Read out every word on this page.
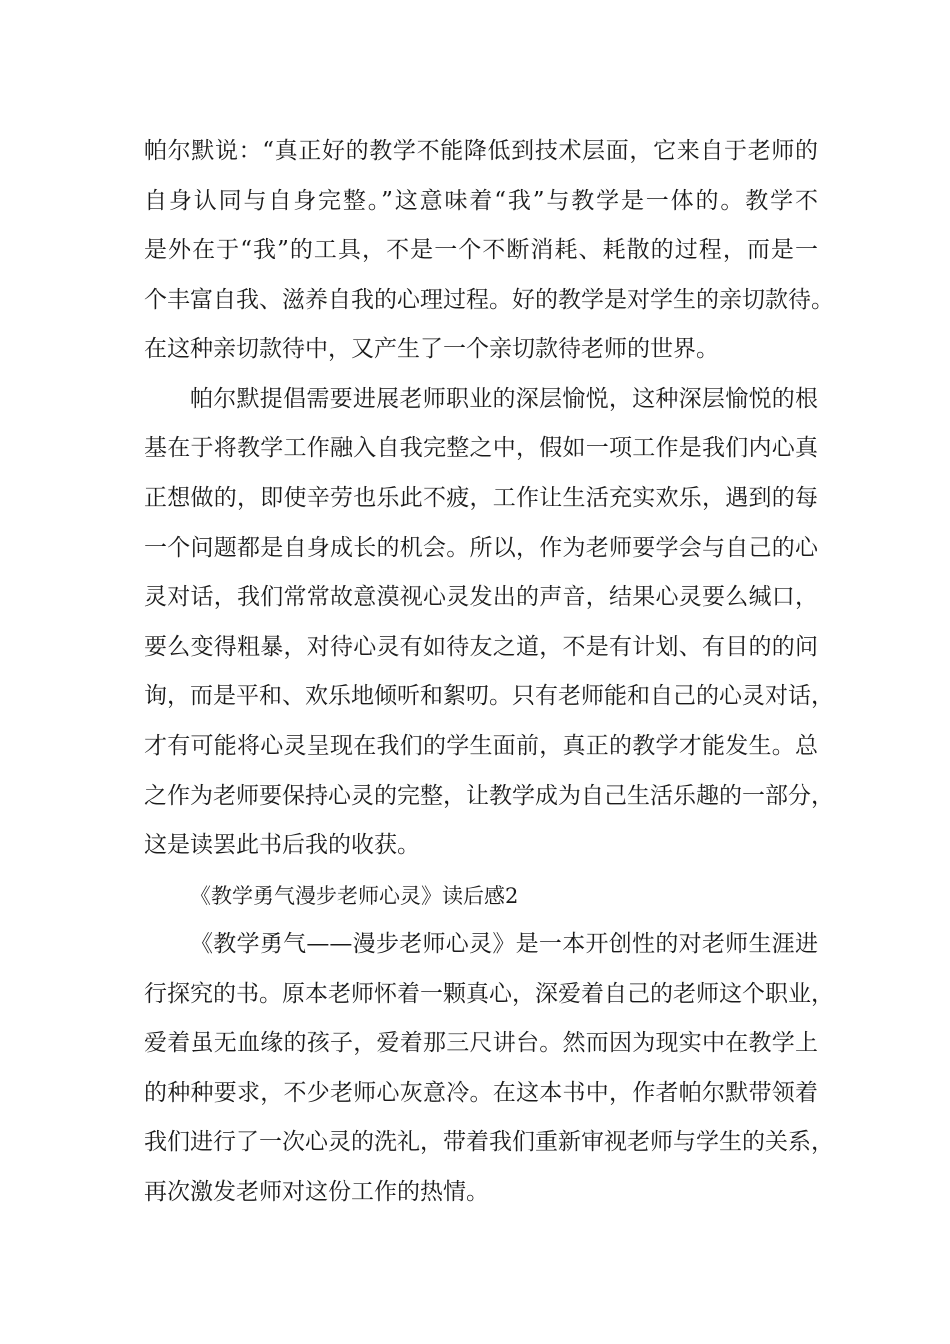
帕尔默说：“真正好的教学不能降低到技术层面，它来自于老师的

自身认同与自身完整。”这意味着“我”与教学是一体的。教学不

是外在于“我”的工具，不是一个不断消耗、耗散的过程，而是一

个丰富自我、滋养自我的心理过程。好的教学是对学生的亲切款待。

在这种亲切款待中，又产生了一个亲切款待老师的世界。

帕尔默提倡需要进展老师职业的深层愉悦，这种深层愉悦的根

基在于将教学工作融入自我完整之中，假如一项工作是我们内心真

正想做的，即使辛劳也乐此不疲，工作让生活充实欢乐，遇到的每

一个问题都是自身成长的机会。所以，作为老师要学会与自己的心

灵对话，我们常常故意漠视心灵发出的声音，结果心灵要么缄口，

要么变得粗暴，对待心灵有如待友之道，不是有计划、有目的的问

询，而是平和、欢乐地倾听和絮叨。只有老师能和自己的心灵对话，

才有可能将心灵呈现在我们的学生面前，真正的教学才能发生。总

之作为老师要保持心灵的完整，让教学成为自己生活乐趣的一部分，

这是读罢此书后我的收获。

《教学勇气漫步老师心灵》读后感2

《教学勇气——漫步老师心灵》是一本开创性的对老师生涯进

行探究的书。原本老师怀着一颗真心，深爱着自己的老师这个职业，

爱着虽无血缘的孩子，爱着那三尺讲台。然而因为现实中在教学上

的种种要求，不少老师心灰意冷。在这本书中，作者帕尔默带领着

我们进行了一次心灵的洗礼，带着我们重新审视老师与学生的关系，

再次激发老师对这份工作的热情。
